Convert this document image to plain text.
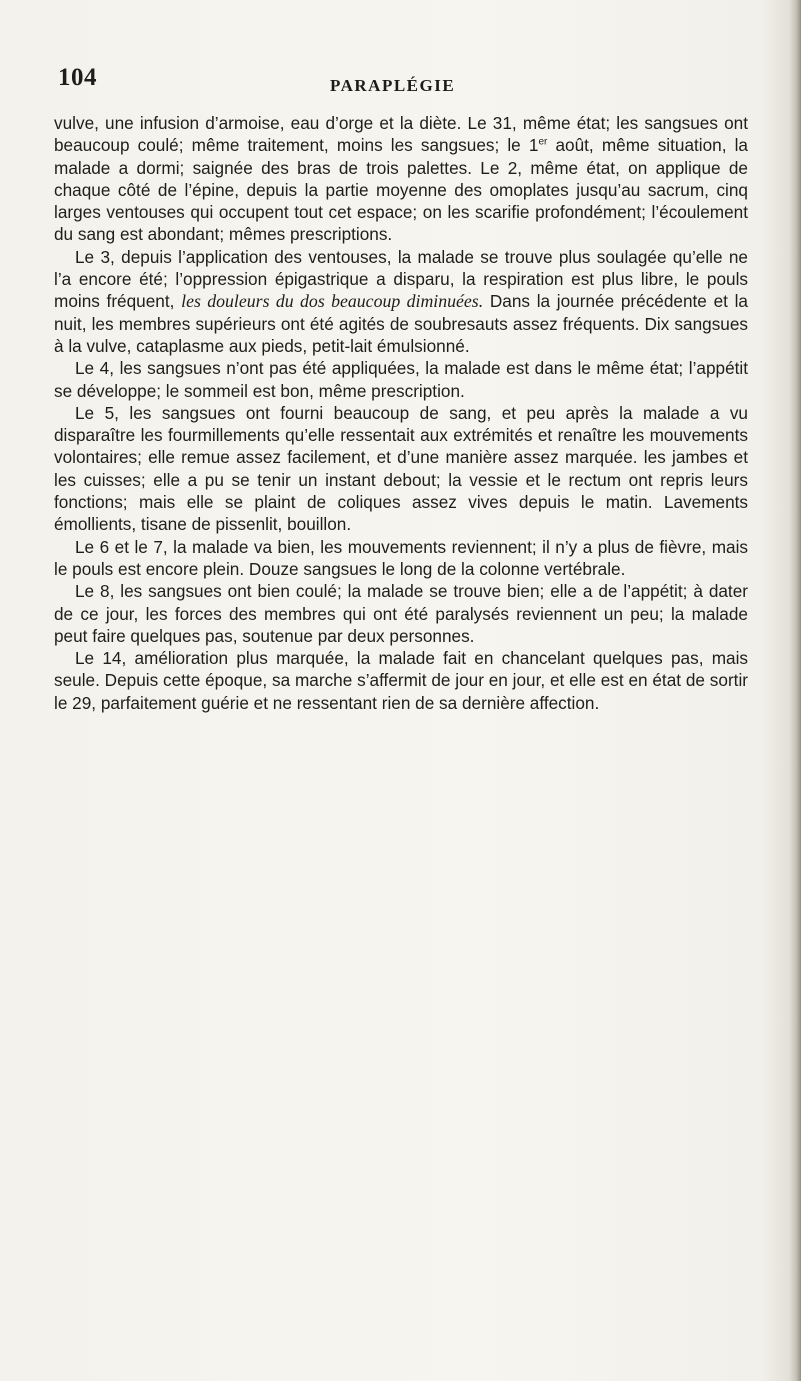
104	PARAPLÉGIE

vulve, une infusion d’armoise, eau d’orge et la diète. Le 31, même état; les sangsues ont beaucoup coulé; même traitement, moins les sangsues; le 1er août, même situation, la malade a dormi; saignée des bras de trois palettes. Le 2, même état, on applique de chaque côté de l’épine, depuis la partie moyenne des omoplates jusqu’au sacrum, cinq larges ventouses qui occupent tout cet espace; on les scarifie profondément; l’écoulement du sang est abondant; mêmes prescriptions.

Le 3, depuis l’application des ventouses, la malade se trouve plus soulagée qu’elle ne l’a encore été; l’oppression épigastrique a disparu, la respiration est plus libre, le pouls moins fréquent, les douleurs du dos beaucoup diminuées. Dans la journée précédente et la nuit, les membres supérieurs ont été agités de soubresauts assez fréquents. Dix sangsues à la vulve, cataplasme aux pieds, petit-lait émulsionné.

Le 4, les sangsues n’ont pas été appliquées, la malade est dans le même état; l’appétit se développe; le sommeil est bon, même prescription.

Le 5, les sangsues ont fourni beaucoup de sang, et peu après la malade a vu disparaître les fourmillements qu’elle ressentait aux extrémités et renaître les mouvements volontaires; elle remue assez facilement, et d’une manière assez marquée. les jambes et les cuisses; elle a pu se tenir un instant debout; la vessie et le rectum ont repris leurs fonctions; mais elle se plaint de coliques assez vives depuis le matin. Lavements émollients, tisane de pissenlit, bouillon.

Le 6 et le 7, la malade va bien, les mouvements reviennent; il n’y a plus de fièvre, mais le pouls est encore plein. Douze sangsues le long de la colonne vertébrale.

Le 8, les sangsues ont bien coulé; la malade se trouve bien; elle a de l’appétit; à dater de ce jour, les forces des membres qui ont été paralysés reviennent un peu; la malade peut faire quelques pas, soutenue par deux personnes.

Le 14, amélioration plus marquée, la malade fait en chancelant quelques pas, mais seule. Depuis cette époque, sa marche s’affermit de jour en jour, et elle est en état de sortir le 29, parfaitement guérie et ne ressentant rien de sa dernière affection.
